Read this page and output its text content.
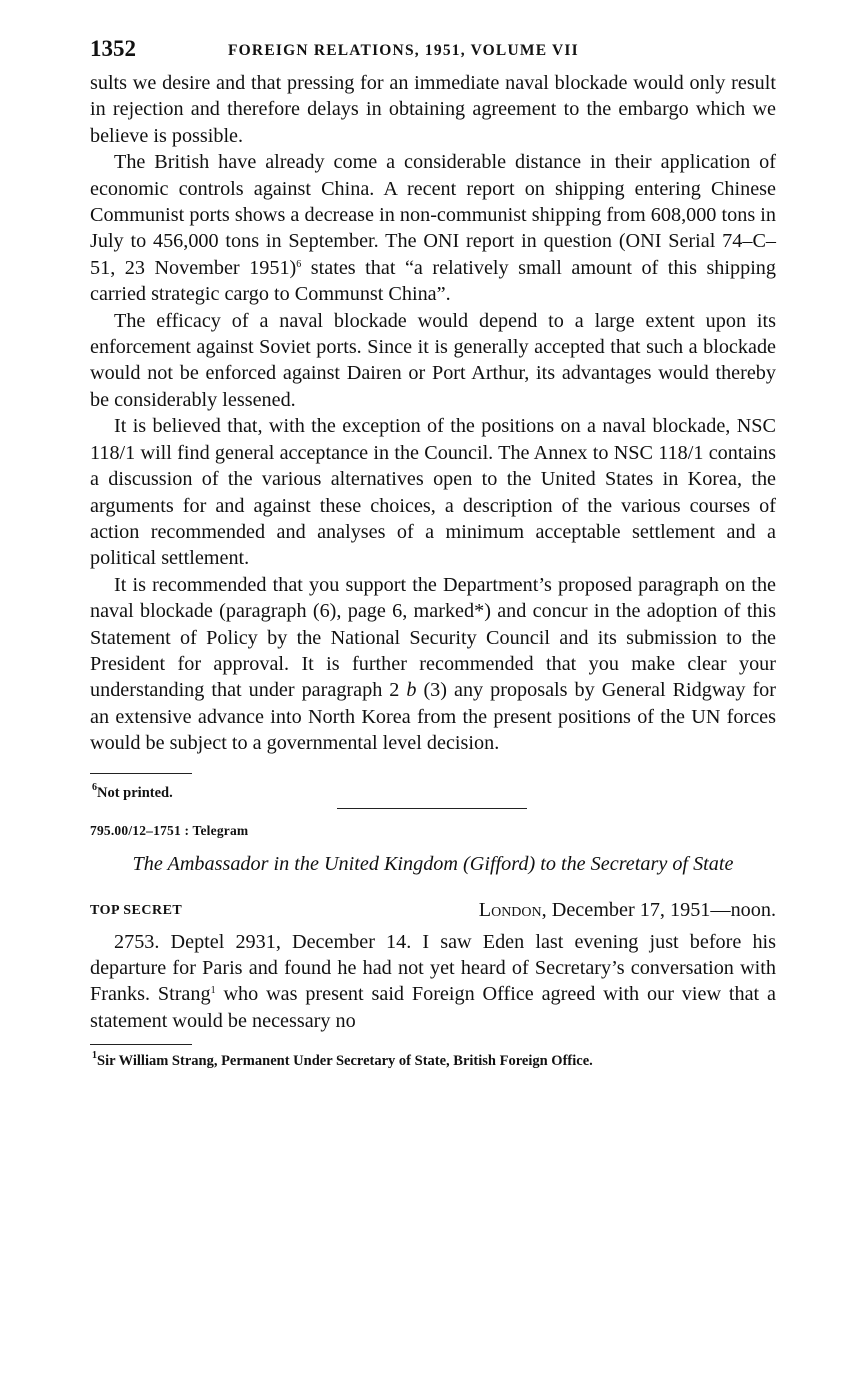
1352	FOREIGN RELATIONS, 1951, VOLUME VII

sults we desire and that pressing for an immediate naval blockade would only result in rejection and therefore delays in obtaining agreement to the embargo which we believe is possible.

The British have already come a considerable distance in their application of economic controls against China. A recent report on shipping entering Chinese Communist ports shows a decrease in non-communist shipping from 608,000 tons in July to 456,000 tons in September. The ONI report in question (ONI Serial 74–C–51, 23 November 1951)$^6$ states that “a relatively small amount of this shipping carried strategic cargo to Communst China”.

The efficacy of a naval blockade would depend to a large extent upon its enforcement against Soviet ports. Since it is generally accepted that such a blockade would not be enforced against Dairen or Port Arthur, its advantages would thereby be considerably lessened.

It is believed that, with the exception of the positions on a naval blockade, NSC 118/1 will find general acceptance in the Council. The Annex to NSC 118/1 contains a discussion of the various alternatives open to the United States in Korea, the arguments for and against these choices, a description of the various courses of action recommended and analyses of a minimum acceptable settlement and a political settlement.

It is recommended that you support the Department’s proposed paragraph on the naval blockade (paragraph (6), page 6, marked*) and concur in the adoption of this Statement of Policy by the National Security Council and its submission to the President for approval. It is further recommended that you make clear your understanding that under paragraph 2 b (3) any proposals by General Ridgway for an extensive advance into North Korea from the present positions of the UN forces would be subject to a governmental level decision.

$^6$Not printed.

795.00/12–1751 : Telegram
The Ambassador in the United Kingdom (Gifford) to the Secretary of State
TOP SECRET	London, December 17, 1951—noon.

2753. Deptel 2931, December 14. I saw Eden last evening just before his departure for Paris and found he had not yet heard of Secretary’s conversation with Franks. Strang$^1$ who was present said Foreign Office agreed with our view that a statement would be necessary no

$^1$Sir William Strang, Permanent Under Secretary of State, British Foreign Office.
